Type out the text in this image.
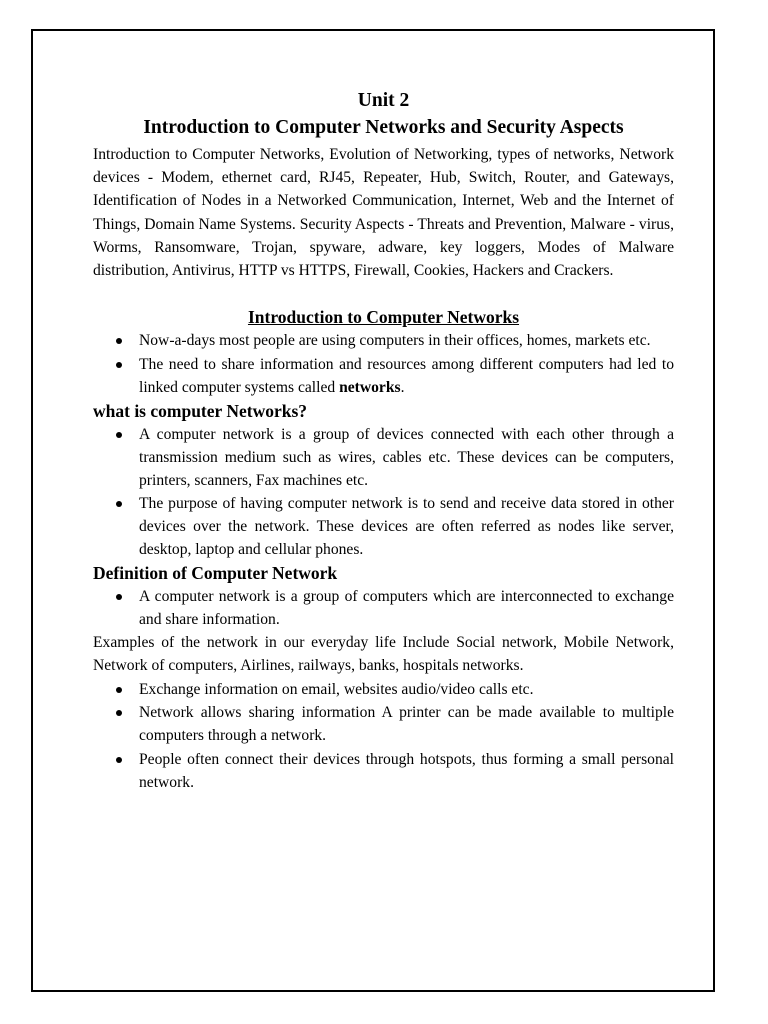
Unit 2
Introduction to Computer Networks and Security Aspects

Introduction to Computer Networks, Evolution of Networking, types of networks, Network devices - Modem, ethernet card, RJ45, Repeater, Hub, Switch, Router, and Gateways, Identification of Nodes in a Networked Communication, Internet, Web and the Internet of Things, Domain Name Systems. Security Aspects - Threats and Prevention, Malware - virus, Worms, Ransomware, Trojan, spyware, adware, key loggers, Modes of Malware distribution, Antivirus, HTTP vs HTTPS, Firewall, Cookies, Hackers and Crackers.

Introduction to Computer Networks
Now-a-days most people are using computers in their offices, homes, markets etc.
The need to share information and resources among different computers had led to linked computer systems called networks.
what is computer Networks?
A computer network is a group of devices connected with each other through a transmission medium such as wires, cables etc. These devices can be computers, printers, scanners, Fax machines etc.
The purpose of having computer network is to send and receive data stored in other devices over the network. These devices are often referred as nodes like server, desktop, laptop and cellular phones.
Definition of Computer Network
A computer network is a group of computers which are interconnected to exchange and share information.

Examples of the network in our everyday life Include Social network, Mobile Network, Network of computers, Airlines, railways, banks, hospitals networks.

Exchange information on email, websites audio/video calls etc.
Network allows sharing information A printer can be made available to multiple computers through a network.
People often connect their devices through hotspots, thus forming a small personal network.
